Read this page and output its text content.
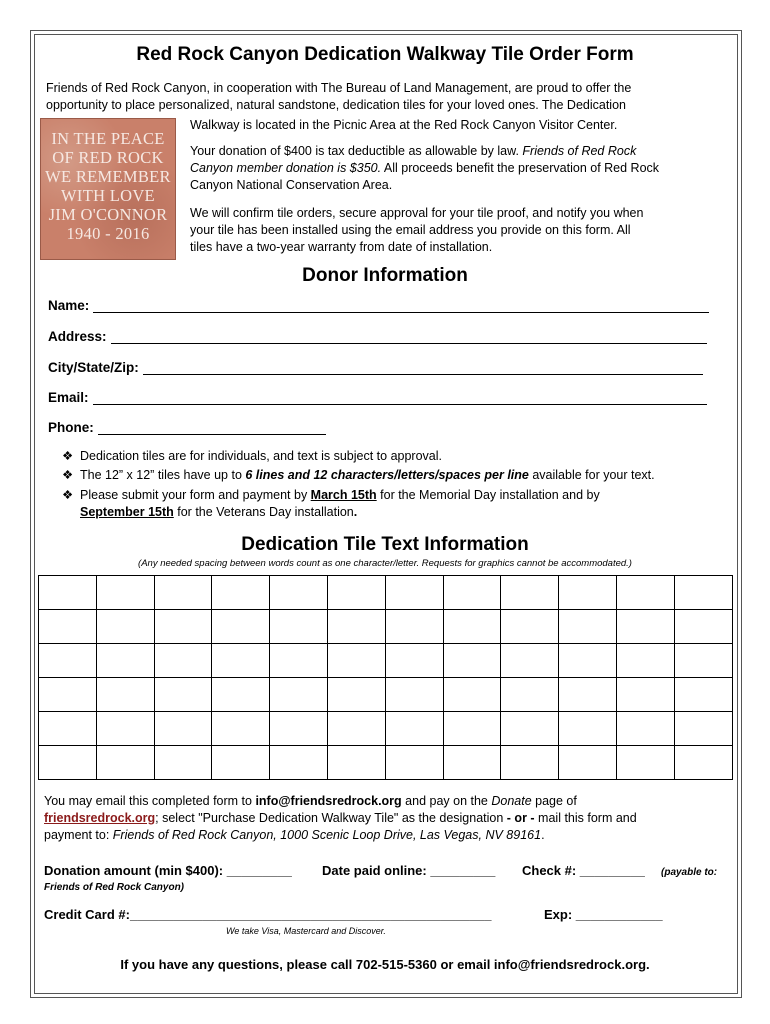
Red Rock Canyon Dedication Walkway Tile Order Form
Friends of Red Rock Canyon, in cooperation with The Bureau of Land Management, are proud to offer the
opportunity to place personalized, natural sandstone, dedication tiles for your loved ones. The Dedication
Walkway is located in the Picnic Area at the Red Rock Canyon Visitor Center.
IN THE PEACE
OF RED ROCK
WE REMEMBER
WITH LOVE
JIM O'CONNOR
1940 - 2016
Your donation of $400 is tax deductible as allowable by law. Friends of Red Rock
Canyon member donation is $350. All proceeds benefit the preservation of Red Rock
Canyon National Conservation Area.
We will confirm tile orders, secure approval for your tile proof, and notify you when
your tile has been installed using the email address you provide on this form. All
tiles have a two-year warranty from date of installation.
Donor Information
Name:
Address:
City/State/Zip:
Email:
Phone:
❖ Dedication tiles are for individuals, and text is subject to approval.
❖ The 12” x 12” tiles have up to 6 lines and 12 characters/letters/spaces per line available for your text.
❖ Please submit your form and payment by March 15th for the Memorial Day installation and by
September 15th for the Veterans Day installation.
Dedication Tile Text Information
(Any needed spacing between words count as one character/letter. Requests for graphics cannot be accommodated.)

You may email this completed form to info@friendsredrock.org and pay on the Donate page of
friendsredrock.org; select "Purchase Dedication Walkway Tile" as the designation - or - mail this form and
payment to: Friends of Red Rock Canyon, 1000 Scenic Loop Drive, Las Vegas, NV 89161.
Donation amount (min $400): _________ Date paid online: _________ Check #: _________ (payable to:
Friends of Red Rock Canyon)
Credit Card #:__________________________________________________	Exp: ____________
We take Visa, Mastercard and Discover.
If you have any questions, please call 702-515-5360 or email info@friendsredrock.org.
